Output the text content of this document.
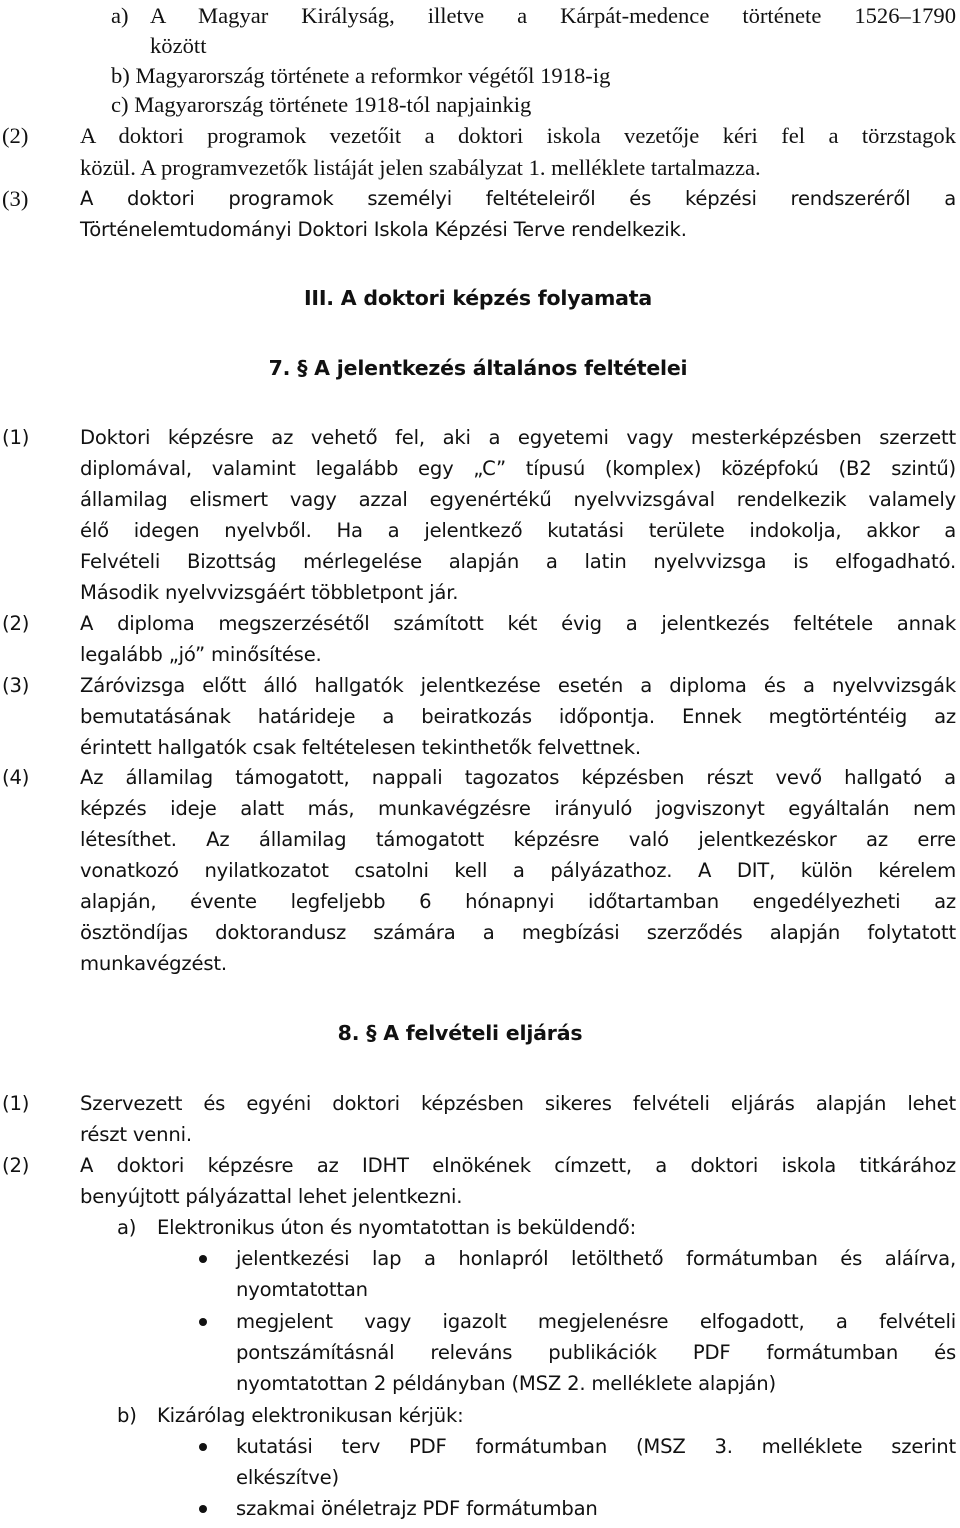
a) A Magyar Királyság, illetve a Kárpát-medence története 1526–1790
között
b) Magyarország története a reformkor végétől 1918-ig
c) Magyarország története 1918-tól napjainkig
(2) A doktori programok vezetőit a doktori iskola vezetője kéri fel a törzstagok
közül. A programvezetők listáját jelen szabályzat 1. melléklete tartalmazza.
(3)	A doktori programok személyi feltételeiről és képzési rendszeréről a
Történelemtudományi Doktori Iskola Képzési Terve rendelkezik.
III. A doktori képzés folyamata
7. § A jelentkezés általános feltételei
(1)	Doktori képzésre az vehető fel, aki a egyetemi vagy mesterképzésben szerzett
diplomával, valamint legalább egy „C” típusú (komplex) középfokú (B2 szintű)
államilag elismert vagy azzal egyenértékű nyelvvizsgával rendelkezik valamely
élő idegen nyelvből. Ha a jelentkező kutatási területe indokolja, akkor a
Felvételi Bizottság mérlegelése alapján a latin nyelvvizsga is elfogadható.
Második nyelvvizsgáért többletpont jár.
(2)	A diploma megszerzésétől számított két évig a jelentkezés feltétele annak
legalább „jó” minősítése.
(3)	Záróvizsga előtt álló hallgatók jelentkezése esetén a diploma és a nyelvvizsgák
bemutatásának határideje a beiratkozás időpontja. Ennek megtörténtéig az
érintett hallgatók csak feltételesen tekinthetők felvettnek.
(4)	Az államilag támogatott, nappali tagozatos képzésben részt vevő hallgató a
képzés ideje alatt más, munkavégzésre irányuló jogviszonyt egyáltalán nem
létesíthet. Az államilag támogatott képzésre való jelentkezéskor az erre
vonatkozó nyilatkozatot csatolni kell a pályázathoz. A DIT, külön kérelem
alapján, évente legfeljebb 6 hónapnyi időtartamban engedélyezheti az
ösztöndíjas doktorandusz számára a megbízási szerződés alapján folytatott
munkavégzést.
8. § A felvételi eljárás
(1)	Szervezett és egyéni doktori képzésben sikeres felvételi eljárás alapján lehet
részt venni.
(2)	A doktori képzésre az IDHT elnökének címzett, a doktori iskola titkárához
benyújtott pályázattal lehet jelentkezni.
a) Elektronikus úton és nyomtatottan is beküldendő:
jelentkezési lap a honlapról letölthető formátumban és aláírva,
nyomtatottan
megjelent vagy igazolt megjelenésre elfogadott, a felvételi
pontszámításnál releváns publikációk PDF formátumban és
nyomtatottan 2 példányban (MSZ 2. melléklete alapján)
b) Kizárólag elektronikusan kérjük:
kutatási terv PDF formátumban (MSZ 3. melléklete szerint
elkészítve)
szakmai önéletrajz PDF formátumban
